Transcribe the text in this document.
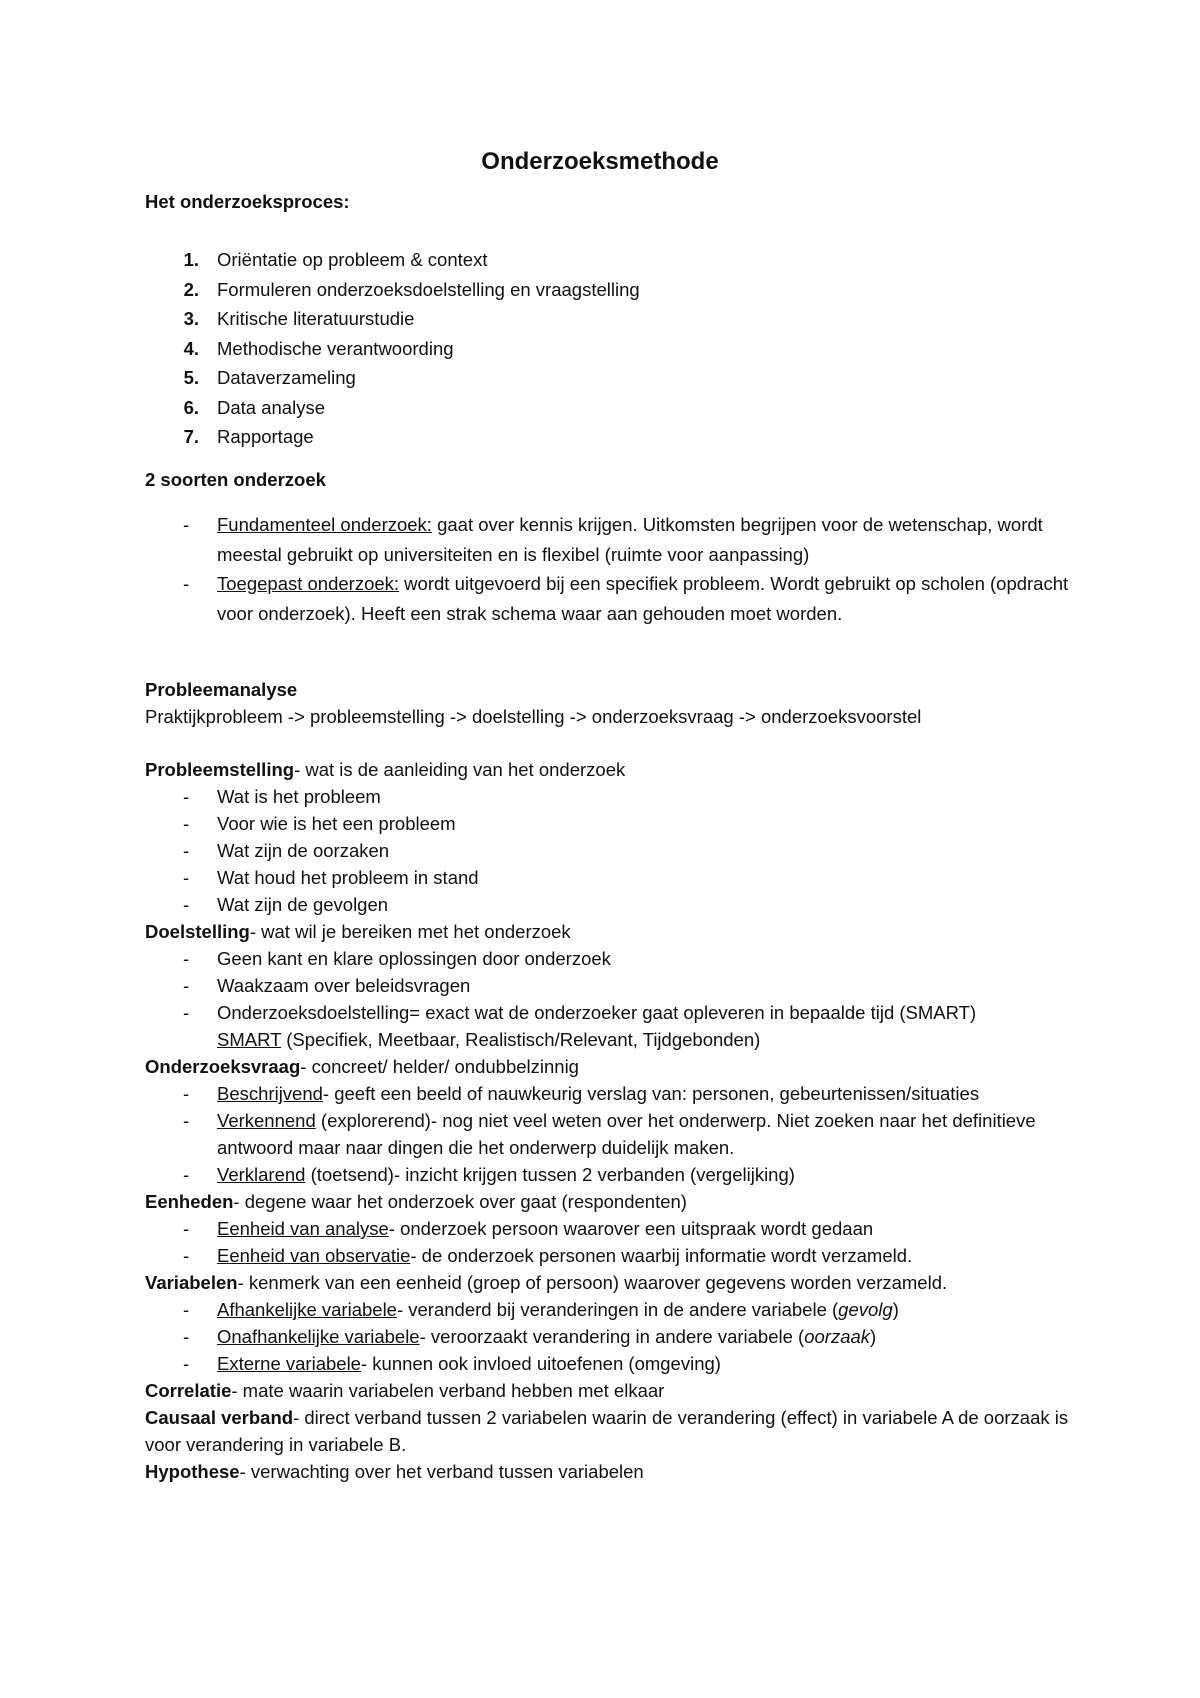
Onderzoeksmethode
Het onderzoeksproces:
1. Oriëntatie op probleem & context
2. Formuleren onderzoeksdoelstelling en vraagstelling
3. Kritische literatuurstudie
4. Methodische verantwoording
5. Dataverzameling
6. Data analyse
7. Rapportage
2 soorten onderzoek
- Fundamenteel onderzoek: gaat over kennis krijgen. Uitkomsten begrijpen voor de wetenschap, wordt meestal gebruikt op universiteiten en is flexibel (ruimte voor aanpassing)
- Toegepast onderzoek: wordt uitgevoerd bij een specifiek probleem. Wordt gebruikt op scholen (opdracht voor onderzoek). Heeft een strak schema waar aan gehouden moet worden.
Probleemanalyse
Praktijkprobleem -> probleemstelling -> doelstelling -> onderzoeksvraag -> onderzoeksvoorstel
Probleemstelling- wat is de aanleiding van het onderzoek
- Wat is het probleem
- Voor wie is het een probleem
- Wat zijn de oorzaken
- Wat houd het probleem in stand
- Wat zijn de gevolgen
Doelstelling- wat wil je bereiken met het onderzoek
- Geen kant en klare oplossingen door onderzoek
- Waakzaam over beleidsvragen
- Onderzoeksdoelstelling= exact wat de onderzoeker gaat opleveren in bepaalde tijd (SMART)
SMART (Specifiek, Meetbaar, Realistisch/Relevant, Tijdgebonden)
Onderzoeksvraag- concreet/ helder/ ondubbelzinnig
- Beschrijvend- geeft een beeld of nauwkeurig verslag van: personen, gebeurtenissen/situaties
- Verkennend (explorerend)- nog niet veel weten over het onderwerp. Niet zoeken naar het definitieve antwoord maar naar dingen die het onderwerp duidelijk maken.
- Verklarend (toetsend)- inzicht krijgen tussen 2 verbanden (vergelijking)
Eenheden- degene waar het onderzoek over gaat (respondenten)
- Eenheid van analyse- onderzoek persoon waarover een uitspraak wordt gedaan
- Eenheid van observatie- de onderzoek personen waarbij informatie wordt verzameld.
Variabelen- kenmerk van een eenheid (groep of persoon) waarover gegevens worden verzameld.
- Afhankelijke variabele- veranderd bij veranderingen in de andere variabele (gevolg)
- Onafhankelijke variabele- veroorzaakt verandering in andere variabele (oorzaak)
- Externe variabele- kunnen ook invloed uitoefenen (omgeving)
Correlatie- mate waarin variabelen verband hebben met elkaar
Causaal verband- direct verband tussen 2 variabelen waarin de verandering (effect) in variabele A de oorzaak is voor verandering in variabele B.
Hypothese- verwachting over het verband tussen variabelen
